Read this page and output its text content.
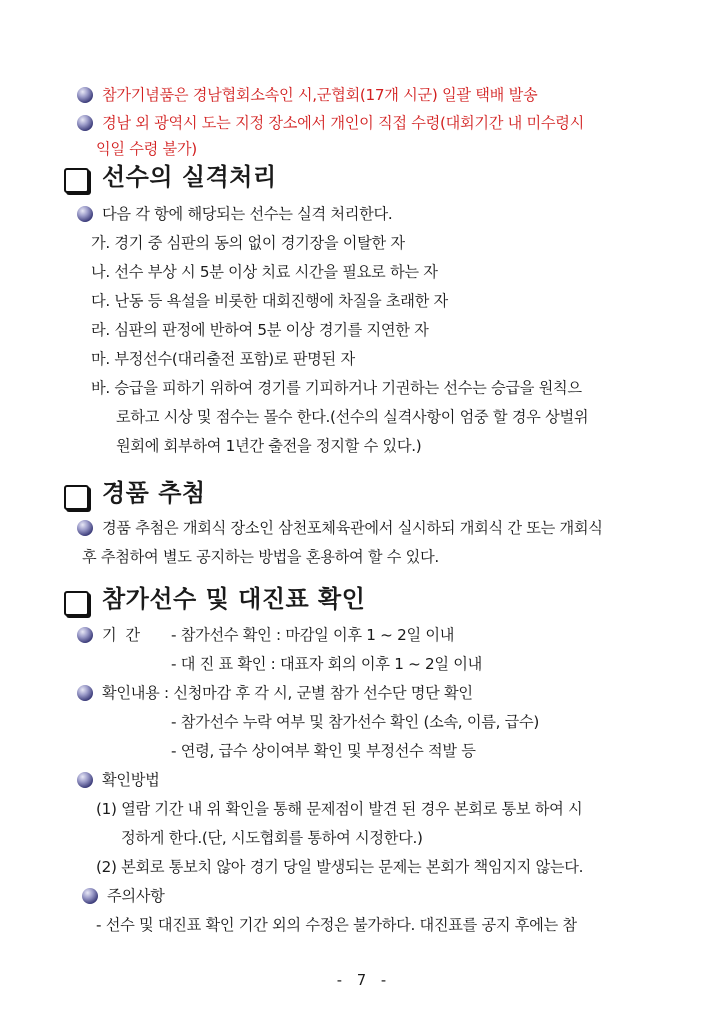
참가기념품은 경남협회소속인 시,군협회(17개 시군) 일괄 택배 발송
경남 외 광역시 도는 지정 장소에서 개인이 직접 수령(대회기간 내 미수령시
익일 수령 불가)
선수의 실격처리
다음 각 항에 해당되는 선수는 실격 처리한다.
가. 경기 중 심판의 동의 없이 경기장을 이탈한 자
나. 선수 부상 시 5분 이상 치료 시간을 필요로 하는 자
다. 난동 등 욕설을 비롯한 대회진행에 차질을 초래한 자
라. 심판의 판정에 반하여 5분 이상 경기를 지연한 자
마. 부정선수(대리출전 포함)로 판명된 자
바. 승급을 피하기 위하여 경기를 기피하거나 기권하는 선수는 승급을 원칙으
로하고 시상 및 점수는 몰수 한다.(선수의 실격사항이 엄중 할 경우 상벌위
원회에 회부하여 1년간 출전을 정지할 수 있다.)
경품 추첨
경품 추첨은 개회식 장소인 삼천포체육관에서 실시하되 개회식 간 또는 개회식
후 추첨하여 별도 공지하는 방법을 혼용하여 할 수 있다.
참가선수 및 대진표 확인
기  간 - 참가선수 확인 : 마감일 이후 1 ~ 2일 이내
- 대 진 표 확인 : 대표자 회의 이후 1 ~ 2일 이내
확인내용 : 신청마감 후 각 시, 군별 참가 선수단 명단 확인
- 참가선수 누락 여부 및 참가선수 확인 (소속, 이름, 급수)
- 연령, 급수 상이여부 확인 및 부정선수 적발 등
확인방법
(1) 열람 기간 내 위 확인을 통해 문제점이 발견 된 경우 본회로 통보 하여 시
정하게 한다.(단, 시도협회를 통하여 시정한다.)
(2) 본회로 통보치 않아 경기 당일 발생되는 문제는 본회가 책임지지 않는다.
주의사항
- 선수 및 대진표 확인 기간 외의 수정은 불가하다. 대진표를 공지 후에는 참
- 7 -
